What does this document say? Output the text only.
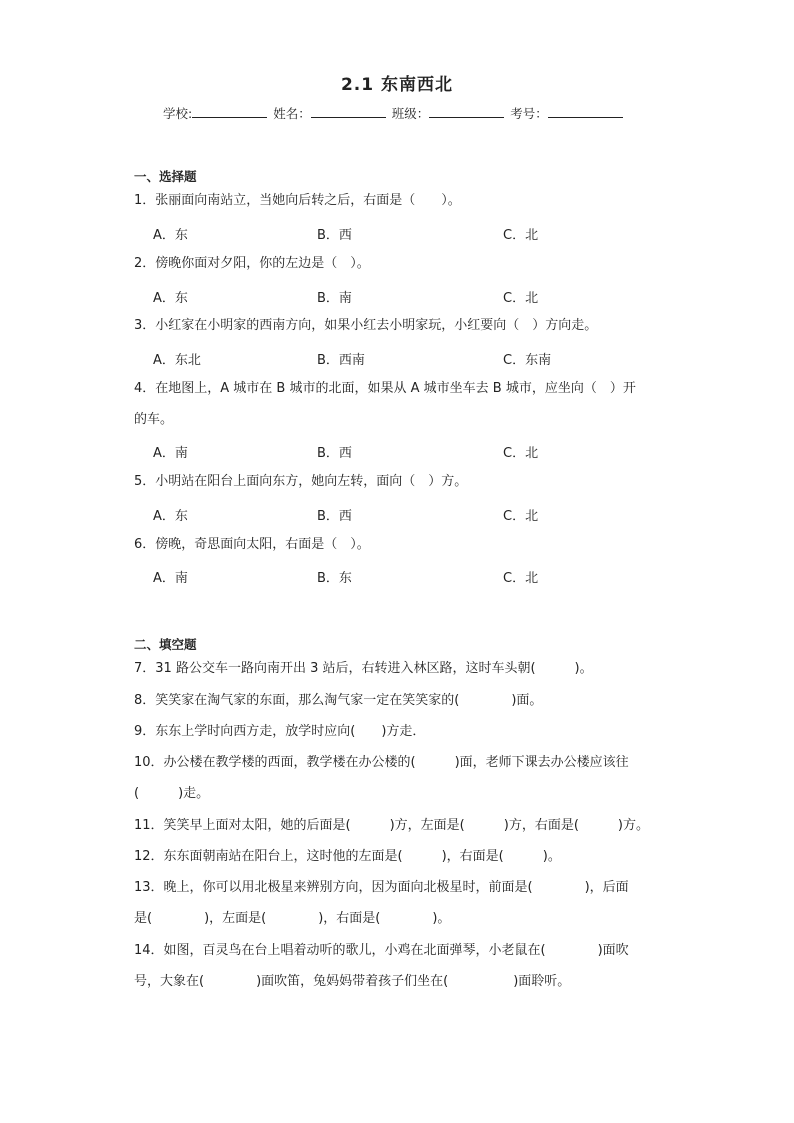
2.1 东南西北
学校:	姓名：	班级：	考号：
一、选择题
1．张丽面向南站立，当她向后转之后，右面是（　　）。
A．东	B．西	C．北
2．傍晚你面对夕阳，你的左边是（　）。
A．东	B．南	C．北
3．小红家在小明家的西南方向，如果小红去小明家玩，小红要向（　）方向走。
A．东北	B．西南	C．东南
4．在地图上，A 城市在 B 城市的北面，如果从 A 城市坐车去 B 城市，应坐向（　）开
的车。
A．南	B．西	C．北
5．小明站在阳台上面向东方，她向左转，面向（　）方。
A．东	B．西	C．北
6．傍晚，奇思面向太阳，右面是（　）。
A．南	B．东	C．北
二、填空题
7．31 路公交车一路向南开出 3 站后，右转进入林区路，这时车头朝(　　　)。
8．笑笑家在淘气家的东面，那么淘气家一定在笑笑家的(　　　　)面。
9．东东上学时向西方走，放学时应向(　　)方走．
10．办公楼在教学楼的西面，教学楼在办公楼的(　　　)面，老师下课去办公楼应该往
(　　　)走。
11．笑笑早上面对太阳，她的后面是(　　　)方，左面是(　　　)方，右面是(　　　)方。
12．东东面朝南站在阳台上，这时他的左面是(　　　)，右面是(　　　)。
13．晚上，你可以用北极星来辨别方向，因为面向北极星时，前面是(　　　　)，后面
是(　　　　)，左面是(　　　　)，右面是(　　　　)。
14．如图，百灵鸟在台上唱着动听的歌儿，小鸡在北面弹琴，小老鼠在(　　　　)面吹
号，大象在(　　　　)面吹笛，兔妈妈带着孩子们坐在(　　　　　)面聆听。
